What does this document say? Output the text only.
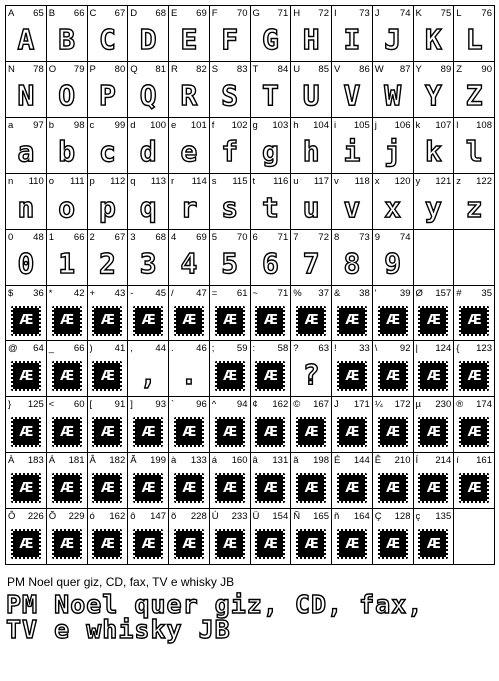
A 65
A
B 66
B
C 67
C
D 68
D
E 69
E
F 70
F
G 71
G
H 72
H
I 73
I
J 74
J
K 75
K
L 76
L
N 78
N
O 79
O
P 80
P
Q 81
Q
R 82
R
S 83
S
T 84
T
U 85
U
V 86
V
W 87
W
Y 89
Y
Z 90
Z
a 97
a
b 98
b
c 99
c
d 100
d
e 101
e
f 102
f
g 103
g
h 104
h
i 105
i
j 106
j
k 107
k
l 108
l
n 110
n
o 111
o
p 112
p
q 113
q
r 114
r
s 115
s
t 116
t
u 117
u
v 118
v
x 120
x
y 121
y
z 122
z
0 48
0
1 66
1
2 67
2
3 68
3
4 69
4
5 70
5
6 71
6
7 72
7
8 73
8
9 74
9
$ 36
Æ
* 42
Æ
+ 43
Æ
- 45
Æ
/ 47
Æ
= 61
Æ
~ 71
Æ
% 37
Æ
& 38
Æ
' 39
Æ
Ø 157
Æ
# 35
Æ
@ 64
Æ
_ 66
Æ
) 41
Æ
, 44
,
. 46
.
; 59
Æ
: 58
Æ
? 63
?
! 33
Æ
\ 92
Æ
| 124
Æ
{ 123
Æ
} 125
Æ
< 60
Æ
[ 91
Æ
] 93
Æ
` 96
Æ
^ 94
Æ
¢ 162
Æ
© 167
Æ
J 171
Æ
¼ 172
Æ
µ 230
Æ
® 174
Æ
À 183
Æ
Á 181
Æ
Â 182
Æ
Ã 199
Æ
à 133
Æ
á 160
Æ
â 131
Æ
ã 198
Æ
É 144
Æ
Ê 210
Æ
Í 214
Æ
í 161
Æ
Ô 226
Æ
Õ 229
Æ
ó 162
Æ
ô 147
Æ
õ 228
Æ
Ú 233
Æ
Ü 154
Æ
Ñ 165
Æ
ñ 164
Æ
Ç 128
Æ
ç 135
Æ
PM Noel quer giz, CD, fax, TV e whisky JB
PM Noel quer giz, CD, fax,
TV e whisky JB
